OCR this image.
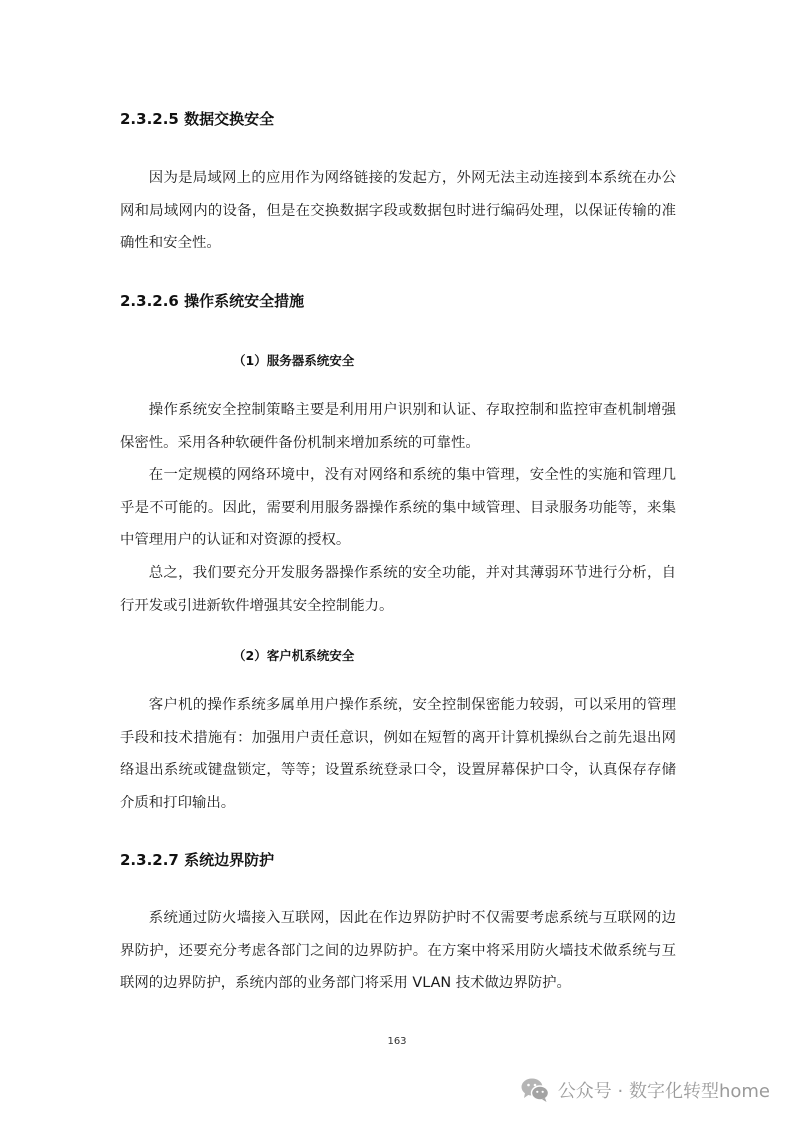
2.3.2.5 数据交换安全

因为是局域网上的应用作为网络链接的发起方，外网无法主动连接到本系统在办公网和局域网内的设备，但是在交换数据字段或数据包时进行编码处理，以保证传输的准确性和安全性。

2.3.2.6 操作系统安全措施
（1）服务器系统安全

操作系统安全控制策略主要是利用用户识别和认证、存取控制和监控审查机制增强保密性。采用各种软硬件备份机制来增加系统的可靠性。

在一定规模的网络环境中，没有对网络和系统的集中管理，安全性的实施和管理几乎是不可能的。因此，需要利用服务器操作系统的集中域管理、目录服务功能等，来集中管理用户的认证和对资源的授权。

总之，我们要充分开发服务器操作系统的安全功能，并对其薄弱环节进行分析，自行开发或引进新软件增强其安全控制能力。

（2）客户机系统安全

客户机的操作系统多属单用户操作系统，安全控制保密能力较弱，可以采用的管理手段和技术措施有：加强用户责任意识，例如在短暂的离开计算机操纵台之前先退出网络退出系统或键盘锁定，等等；设置系统登录口令，设置屏幕保护口令，认真保存存储介质和打印输出。

2.3.2.7 系统边界防护

系统通过防火墙接入互联网，因此在作边界防护时不仅需要考虑系统与互联网的边界防护，还要充分考虑各部门之间的边界防护。在方案中将采用防火墙技术做系统与互联网的边界防护，系统内部的业务部门将采用 VLAN 技术做边界防护。

163
公众号 · 数字化转型home
